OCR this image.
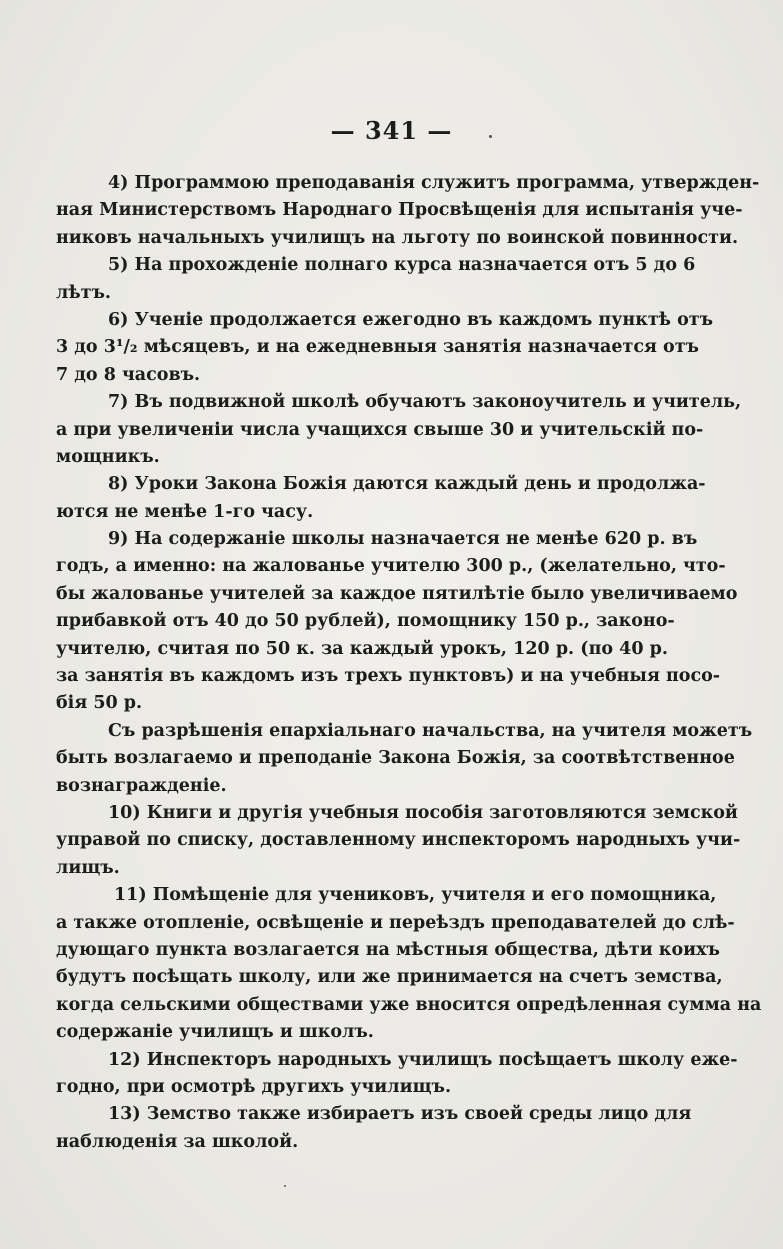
— 341 —
4) Программою преподаванія служитъ программа, утвержден-
ная Министерствомъ Народнаго Просвѣщенія для испытанія уче-
никовъ начальныхъ училищъ на льготу по воинской повинности.
5) На прохожденіе полнаго курса назначается отъ 5 до 6
лѣтъ.
6) Ученіе продолжается ежегодно въ каждомъ пунктѣ отъ
3 до 3¹/₂ мѣсяцевъ, и на ежедневныя занятія назначается отъ
7 до 8 часовъ.
7) Въ подвижной школѣ обучаютъ законоучитель и учитель,
а при увеличеніи числа учащихся свыше 30 и учительскій по-
мощникъ.
8) Уроки Закона Божія даются каждый день и продолжа-
ются не менѣе 1-го часу.
9) На содержаніе школы назначается не менѣе 620 р. въ
годъ, а именно: на жалованье учителю 300 р., (желательно, что-
бы жалованье учителей за каждое пятилѣтіе было увеличиваемо
прибавкой отъ 40 до 50 рублей), помощнику 150 р., законо-
учителю, считая по 50 к. за каждый урокъ, 120 р. (по 40 р.
за занятія въ каждомъ изъ трехъ пунктовъ) и на учебныя посо-
бія 50 р.
Съ разрѣшенія епархіальнаго начальства, на учителя можетъ
быть возлагаемо и преподаніе Закона Божія, за соотвѣтственное
вознагражденіе.
10) Книги и другія учебныя пособія заготовляются земской
управой по списку, доставленному инспекторомъ народныхъ учи-
лищъ.
11) Помѣщеніе для учениковъ, учителя и его помощника,
а также отопленіе, освѣщеніе и переѣздъ преподавателей до слѣ-
дующаго пункта возлагается на мѣстныя общества, дѣти коихъ
будутъ посѣщать школу, или же принимается на счетъ земства,
когда сельскими обществами уже вносится опредѣленная сумма на
содержаніе училищъ и школъ.
12) Инспекторъ народныхъ училищъ посѣщаетъ школу еже-
годно, при осмотрѣ другихъ училищъ.
13) Земство также избираетъ изъ своей среды лицо для
наблюденія за школой.
